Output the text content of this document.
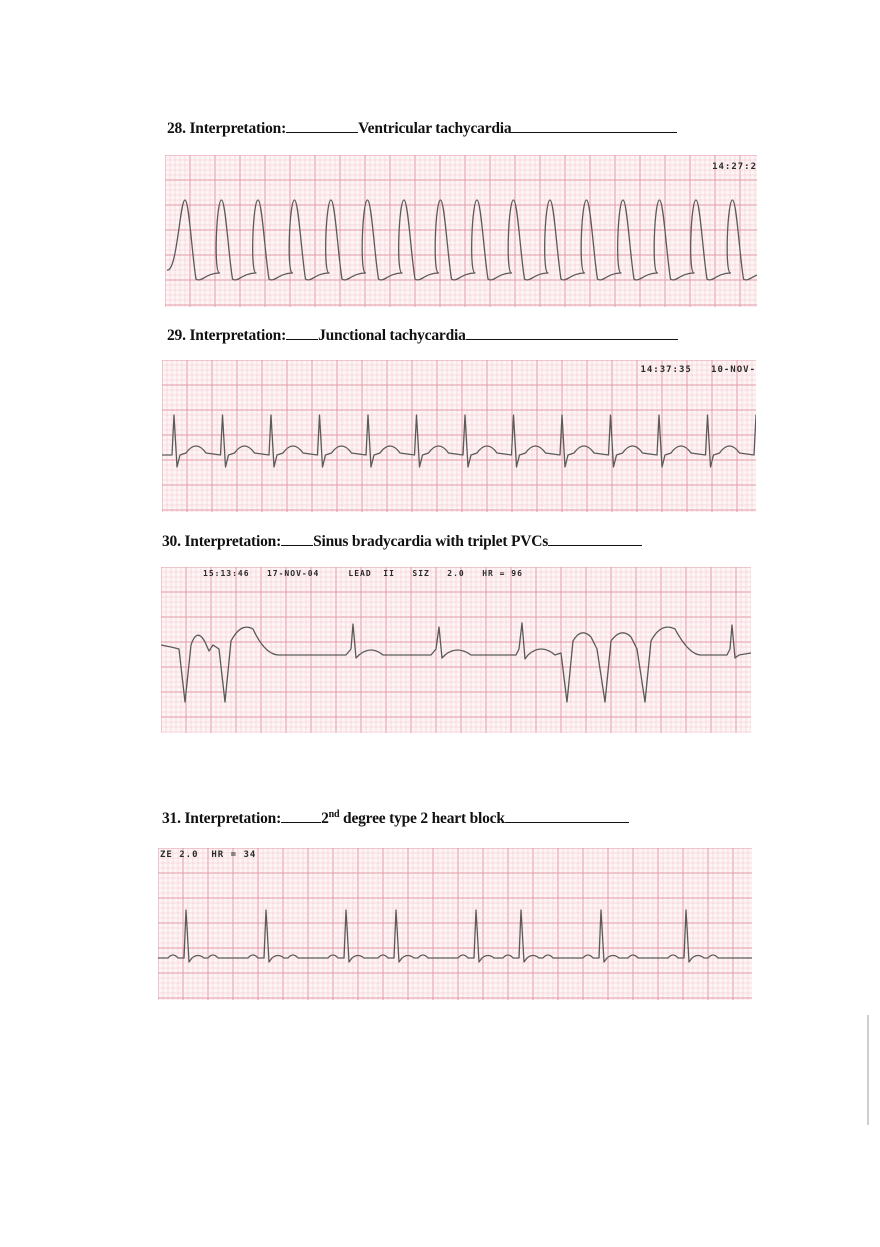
28. Interpretation:	Ventricular tachycardia
14:27:2
29. Interpretation: Junctional tachycardia
14:37:35   10-NOV-
30. Interpretation: Sinus bradycardia with triplet PVCs
15:13:46   17-NOV-04     LEAD  II   SIZ   2.0   HR = 96
31. Interpretation:	2nd degree type 2 heart block
ZE 2.0  HR = 34
